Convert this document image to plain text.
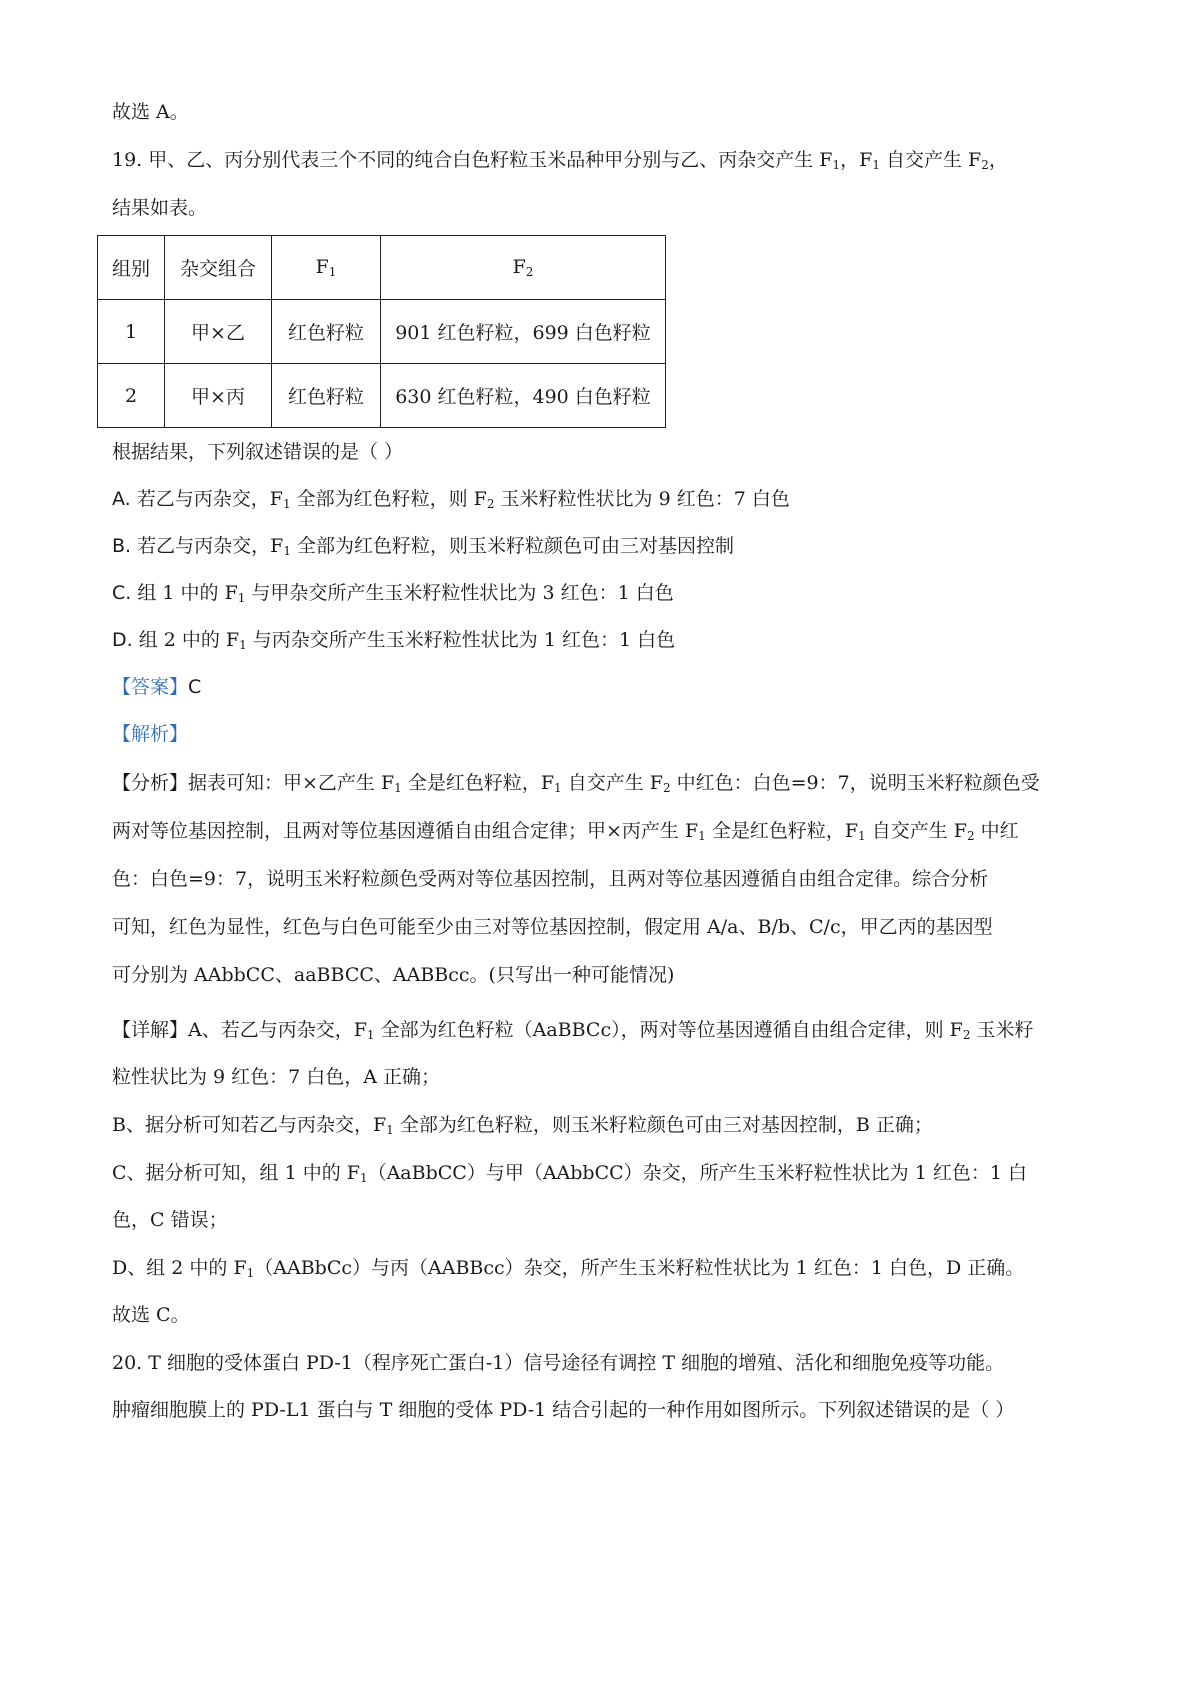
故选 A。
19. 甲、乙、丙分别代表三个不同的纯合白色籽粒玉米品种甲分别与乙、丙杂交产生 $F_1$，$F_1$ 自交产生 $F_2$，
结果如表。
组别	杂交组合	$F_1$	$F_2$
1	甲×乙	红色籽粒	901 红色籽粒，699 白色籽粒
2	甲×丙	红色籽粒	630 红色籽粒，490 白色籽粒
根据结果，下列叙述错误的是（ ）
A. 若乙与丙杂交，$F_1$ 全部为红色籽粒，则 $F_2$ 玉米籽粒性状比为 9 红色：7 白色
B. 若乙与丙杂交，$F_1$ 全部为红色籽粒，则玉米籽粒颜色可由三对基因控制
C. 组 1 中的 $F_1$ 与甲杂交所产生玉米籽粒性状比为 3 红色：1 白色
D. 组 2 中的 $F_1$ 与丙杂交所产生玉米籽粒性状比为 1 红色：1 白色
【答案】C
【解析】
【分析】据表可知：甲×乙产生 $F_1$ 全是红色籽粒，$F_1$ 自交产生 $F_2$ 中红色：白色=9：7，说明玉米籽粒颜色受
两对等位基因控制，且两对等位基因遵循自由组合定律；甲×丙产生 $F_1$ 全是红色籽粒，$F_1$ 自交产生 $F_2$ 中红
色：白色=9：7，说明玉米籽粒颜色受两对等位基因控制，且两对等位基因遵循自由组合定律。综合分析
可知，红色为显性，红色与白色可能至少由三对等位基因控制，假定用 A/a、B/b、C/c，甲乙丙的基因型
可分别为 AAbbCC、aaBBCC、AABBcc。(只写出一种可能情况)
【详解】A、若乙与丙杂交，$F_1$ 全部为红色籽粒（AaBBCc），两对等位基因遵循自由组合定律，则 $F_2$ 玉米籽
粒性状比为 9 红色：7 白色，A 正确；
B、据分析可知若乙与丙杂交，$F_1$ 全部为红色籽粒，则玉米籽粒颜色可由三对基因控制，B 正确；
C、据分析可知，组 1 中的 $F_1(AaBbCC)$与甲（AAbbCC）杂交，所产生玉米籽粒性状比为 1 红色：1 白
色，C 错误；
D、组 2 中的 $F_1(AABbCc)$与丙（AABBcc）杂交，所产生玉米籽粒性状比为 1 红色：1 白色，D 正确。
故选 C。
20. T 细胞的受体蛋白 PD-1（程序死亡蛋白-1）信号途径有调控 T 细胞的增殖、活化和细胞免疫等功能。
肿瘤细胞膜上的 PD-L1 蛋白与 T 细胞的受体 PD-1 结合引起的一种作用如图所示。下列叙述错误的是（ ）
